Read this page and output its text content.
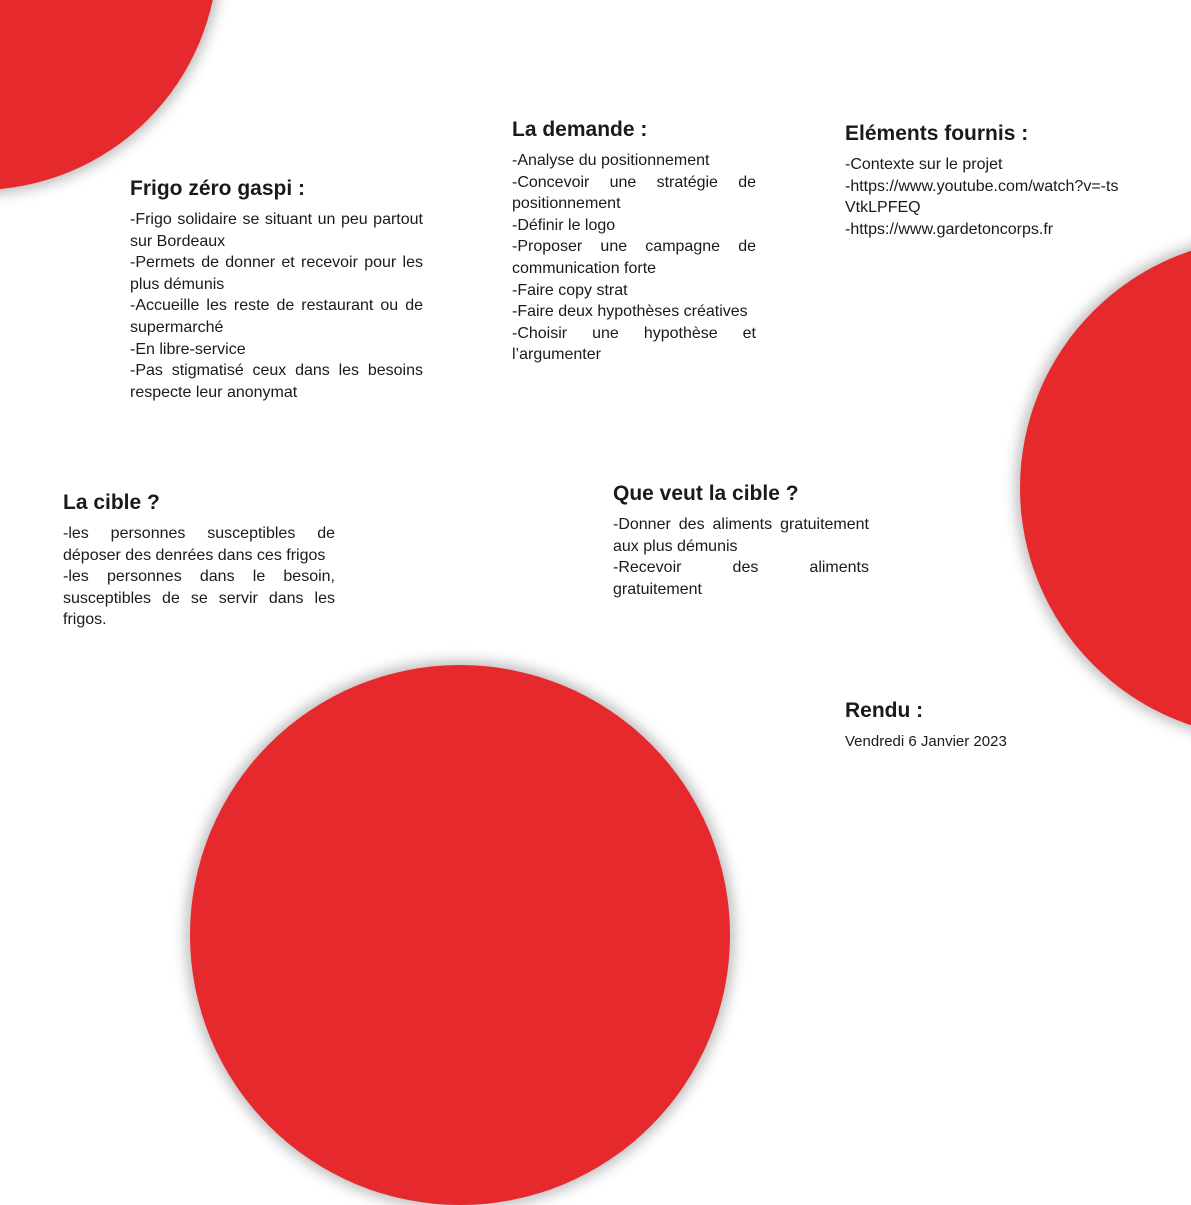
Frigo zéro gaspi :
-Frigo solidaire se situant un peu partout sur Bordeaux
-Permets de donner et recevoir pour les plus démunis
-Accueille les reste de restaurant ou de supermarché
-En libre-service
-Pas stigmatisé ceux dans les besoins respecte leur anonymat
La demande :
-Analyse du positionnement
-Concevoir une stratégie de positionnement
-Définir le logo
-Proposer une campagne de communication forte
-Faire copy strat
-Faire deux hypothèses créatives
-Choisir une hypothèse et l’argumenter
Eléments fournis :
-Contexte sur le projet
-https://www.youtube.com/watch?v=-tsVtkLPFEQ
-https://www.gardetoncorps.fr
La cible ?
-les personnes susceptibles de déposer des denrées dans ces frigos
-les personnes dans le besoin, susceptibles de se servir dans les frigos.
Que veut la cible ?
-Donner des aliments gratuitement aux plus démunis
-Recevoir des aliments gratuitement
Rendu :
Vendredi 6 Janvier 2023
